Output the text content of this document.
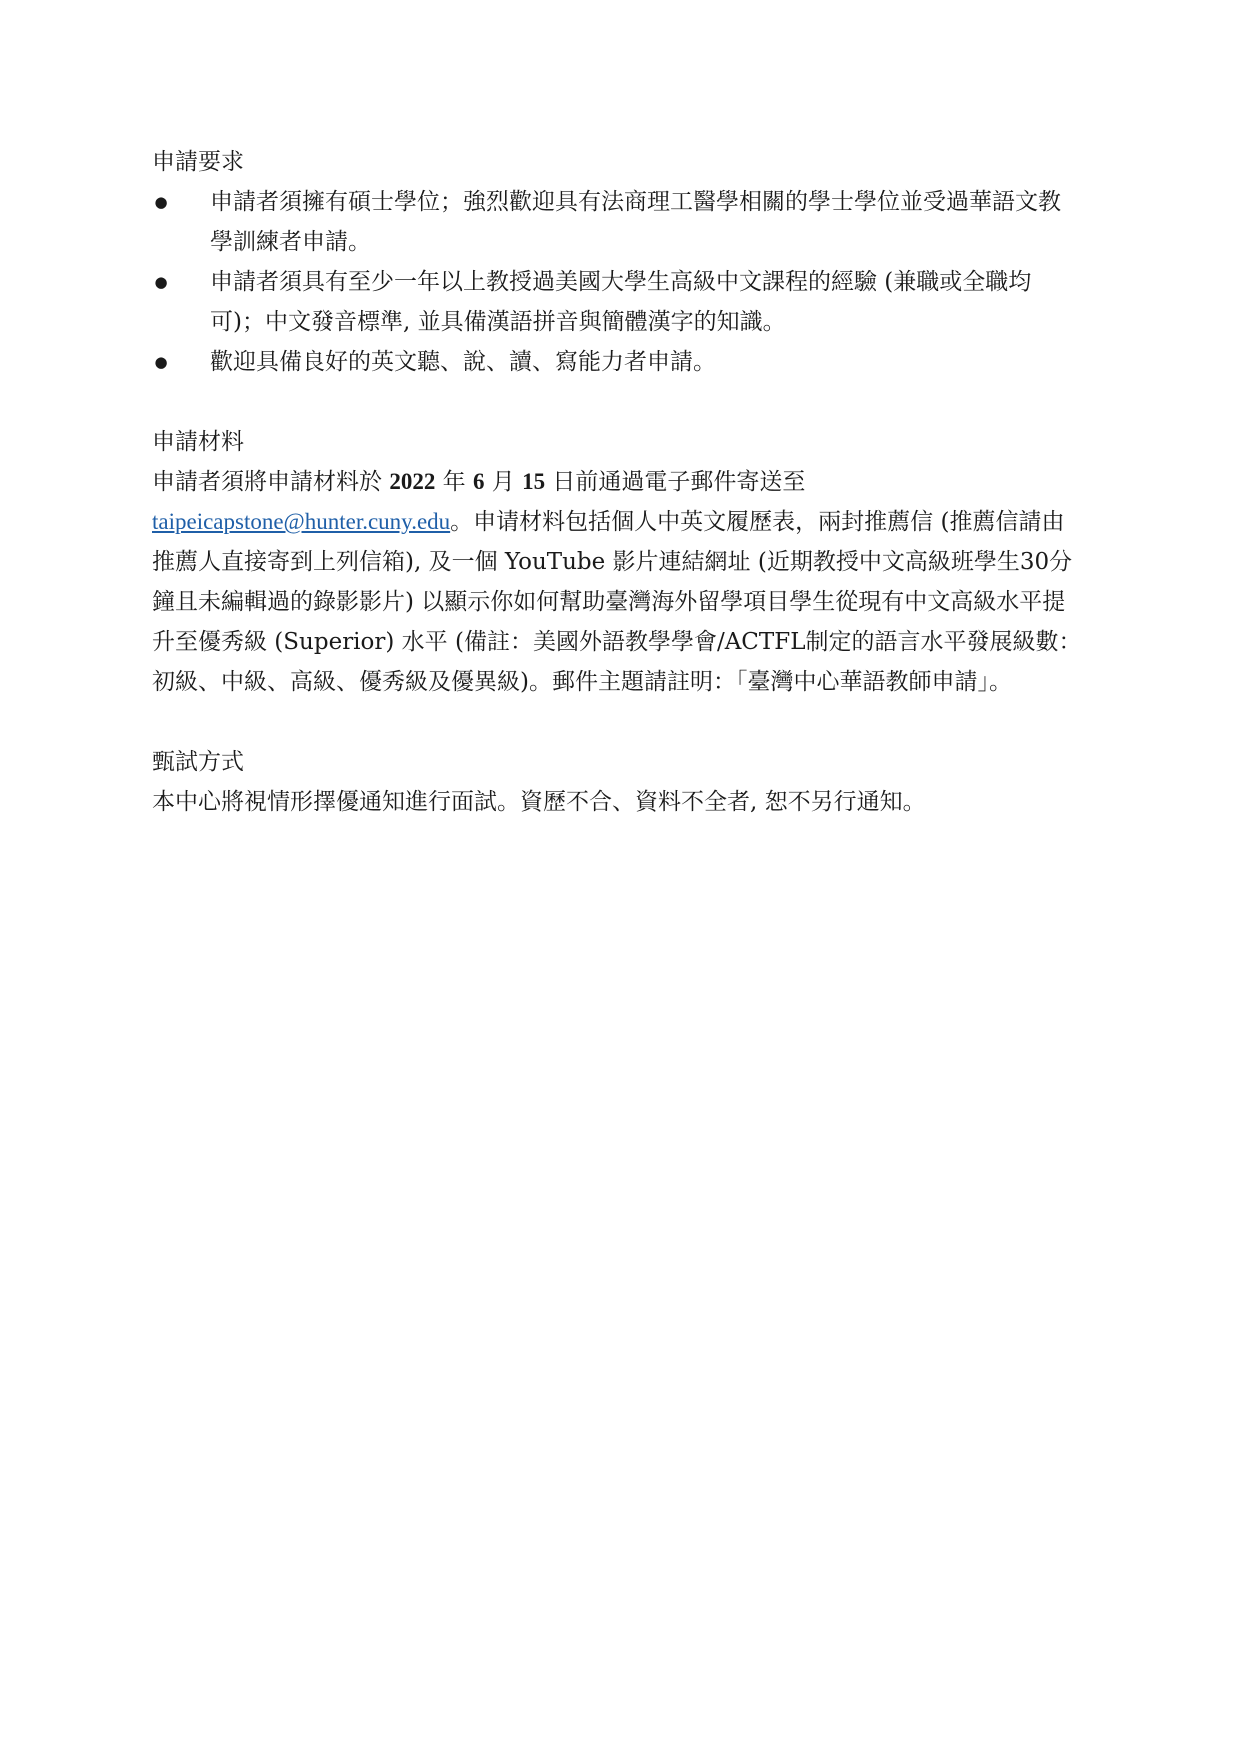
申請要求
● 申請者須擁有碩士學位；強烈歡迎具有法商理工醫學相關的學士學位並受過華語文教學訓練者申請。
● 申請者須具有至少一年以上教授過美國大學生高級中文課程的經驗 (兼職或全職均可)；中文發音標準, 並具備漢語拼音與簡體漢字的知識。
● 歡迎具備良好的英文聽、說、讀、寫能力者申請。
申請材料

申請者須將申請材料於 2022 年 6 月 15 日前通過電子郵件寄送至
taipeicapstone@hunter.cuny.edu。申请材料包括個人中英文履歷表，兩封推薦信 (推薦信請由推薦人直接寄到上列信箱), 及一個 YouTube 影片連結網址 (近期教授中文高級班學生30分鐘且未編輯過的錄影影片) 以顯示你如何幫助臺灣海外留學項目學生從現有中文高級水平提升至優秀級 (Superior) 水平 (備註：美國外語教學學會/ACTFL制定的語言水平發展級數：初級、中級、高級、優秀級及優異級)。郵件主題請註明：「臺灣中心華語教師申請」。

甄試方式

本中心將視情形擇優通知進行面試。資歷不合、資料不全者, 恕不另行通知。
